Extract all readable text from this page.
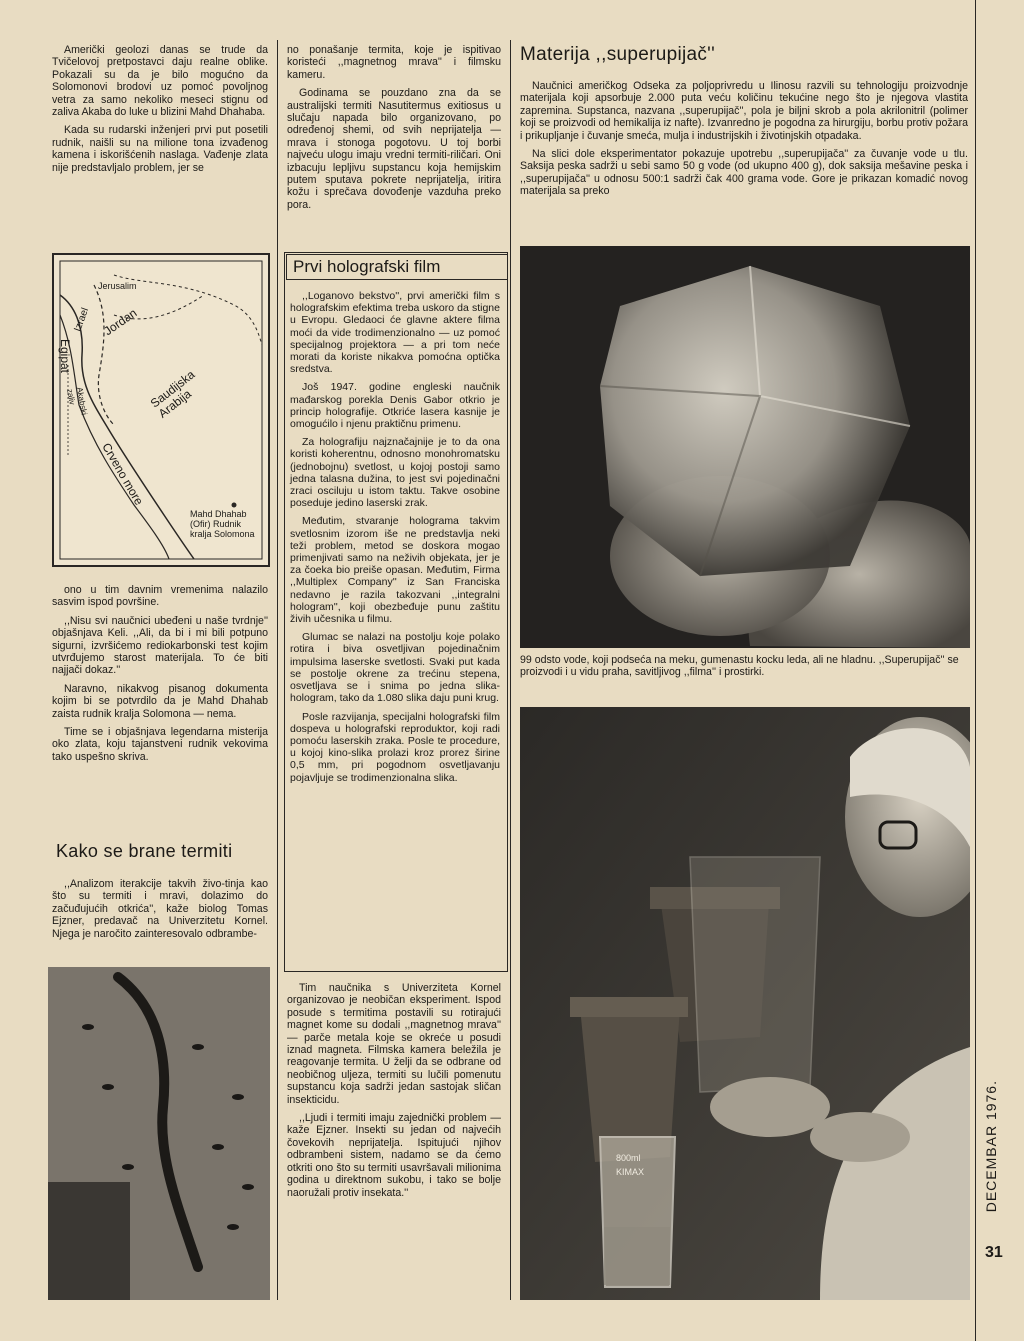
Američki geolozi danas se trude da Tvičelovoj pretpostavci daju realne oblike. Pokazali su da je bilo mogućno da Solomonovi brodovi uz pomoć povoljnog vetra za samo nekoliko meseci stignu od zaliva Akaba do luke u blizini Mahd Dhahaba.

Kada su rudarski inženjeri prvi put posetili rudnik, naišli su na milione tona izvađenog kamena i iskorišćenih naslaga. Vađenje zlata nije predstavljalo problem, jer se

Jerusalim
Izrael Jordan
Egipat
Saudijska Arabija
Akabski zaliv
Crveno more
Mahd Dhahab (Ofir) Rudnik kralja Solomona

ono u tim davnim vremenima nalazilo sasvim ispod površine.

,,Nisu svi naučnici ubeđeni u naše tvrdnje'' objašnjava Keli. ,,Ali, da bi i mi bili potpuno sigurni, izvršićemo rediokarbonski test kojim utvrđujemo starost materijala. To će biti najjači dokaz.''

Naravno, nikakvog pisanog dokumenta kojim bi se potvrdilo da je Mahd Dhahab zaista rudnik kralja Solomona — nema.

Time se i objašnjava legendarna misterija oko zlata, koju tajanstveni rudnik vekovima tako uspešno skriva.

Kako se brane termiti

,,Analizom iterakcije takvih živo-tinja kao što su termiti i mravi, dolazimo do začuđujućih otkrića'', kaže biolog Tomas Ejzner, predavač na Univerzitetu Kornel. Njega je naročito zainteresovalo odbrambe-

no ponašanje termita, koje je ispitivao koristeći ,,magnetnog mrava'' i filmsku kameru.

Godinama se pouzdano zna da se australijski termiti Nasutitermus exitiosus u slučaju napada bilo organizovano, po određenoj shemi, od svih neprijatelja — mrava i stonoga pogotovu. U toj borbi najveću ulogu imaju vredni termiti-riličari. Oni izbacuju lepljivu supstancu koja hemijskim putem sputava pokrete neprijatelja, iritira kožu i sprečava dovođenje vazduha preko pora.

Prvi holografski film

,,Loganovo bekstvo'', prvi američki film s holografskim efektima treba uskoro da stigne u Evropu. Gledaoci će glavne aktere filma moći da vide trodimenzionalno — uz pomoć specijalnog projektora — a pri tom neće morati da koriste nikakva pomoćna optička sredstva.

Još 1947. godine engleski naučnik mađarskog porekla Denis Gabor otkrio je princip holografije. Otkriće lasera kasnije je omogućilo i njenu praktičnu primenu.

Za holografiju najznačajnije je to da ona koristi koherentnu, odnosno monohromatsku (jednobojnu) svetlost, u kojoj postoji samo jedna talasna dužina, to jest svi pojedinačni zraci osciluju u istom taktu. Takve osobine poseduje jedino laserski zrak.

Međutim, stvaranje holograma takvim svetlosnim izorom iše ne predstavlja neki teži problem, metod se doskora mogao primenjivati samo na neživih objekata, jer je za čoeka bio preiše opasan. Međutim, Firma ,,Multiplex Company'' iz San Franciska nedavno je razila takozvani ,,integralni hologram'', koji obezbeđuje punu zaštitu živih učesnika u filmu.

Glumac se nalazi na postolju koje polako rotira i biva osvetljivan pojedinačnim impulsima laserske svetlosti. Svaki put kada se postolje okrene za trećinu stepena, osvetljava se i snima po jedna slika-hologram, tako da 1.080 slika daju puni krug.

Posle razvijanja, specijalni holografski film dospeva u holografski reproduktor, koji radi pomoću laserskih zraka. Posle te procedure, u kojoj kino-slika prolazi kroz prorez širine 0,5 mm, pri pogodnom osvetljavanju pojavljuje se trodimenzionalna slika.

Tim naučnika s Univerziteta Kornel organizovao je neobičan eksperiment. Ispod posude s termitima postavili su rotirajući magnet kome su dodali ,,magnetnog mrava'' — parče metala koje se okreće u posudi iznad magneta. Filmska kamera beležila je reagovanje termita. U želji da se odbrane od neobičnog uljeza, termiti su lučili pomenutu supstancu koja sadrži jedan sastojak sličan insekticidu.

,,Ljudi i termiti imaju zajednički problem — kaže Ejzner. Insekti su jedan od najvećih čovekovih neprijatelja. Ispitujući njihov odbrambeni sistem, nadamo se da ćemo otkriti ono što su termiti usavršavali milionima godina u direktnom sukobu, i tako se bolje naoružali protiv insekata.''

Materija ,,superupijač''

Naučnici američkog Odseka za poljoprivredu u Ilinosu razvili su tehnologiju proizvodnje materijala koji apsorbuje 2.000 puta veću količinu tekućine nego što je njegova vlastita zapremina. Supstanca, nazvana ,,superupijač'', pola je biljni skrob a pola akrilonitril (polimer koji se proizvodi od hemikalija iz nafte). Izvanredno je pogodna za hirurgiju, borbu protiv požara i prikupljanje i čuvanje smeća, mulja i industrijskih i životinjskih otpadaka.

Na slici dole eksperimentator pokazuje upotrebu ,,superupijača'' za čuvanje vode u tlu. Saksija peska sadrži u sebi samo 50 g vode (od ukupno 400 g), dok saksija mešavine peska i ,,superupijača'' u odnosu 500:1 sadrži čak 400 grama vode. Gore je prikazan komadić novog materijala sa preko

99 odsto vode, koji podseća na meku, gumenastu kocku leda, ali ne hladnu. ,,Superupijač'' se proizvodi i u vidu praha, savitljivog ,,filma'' i prostirki.
800ml
KIMAX	DECEMBAR 1976.
31
